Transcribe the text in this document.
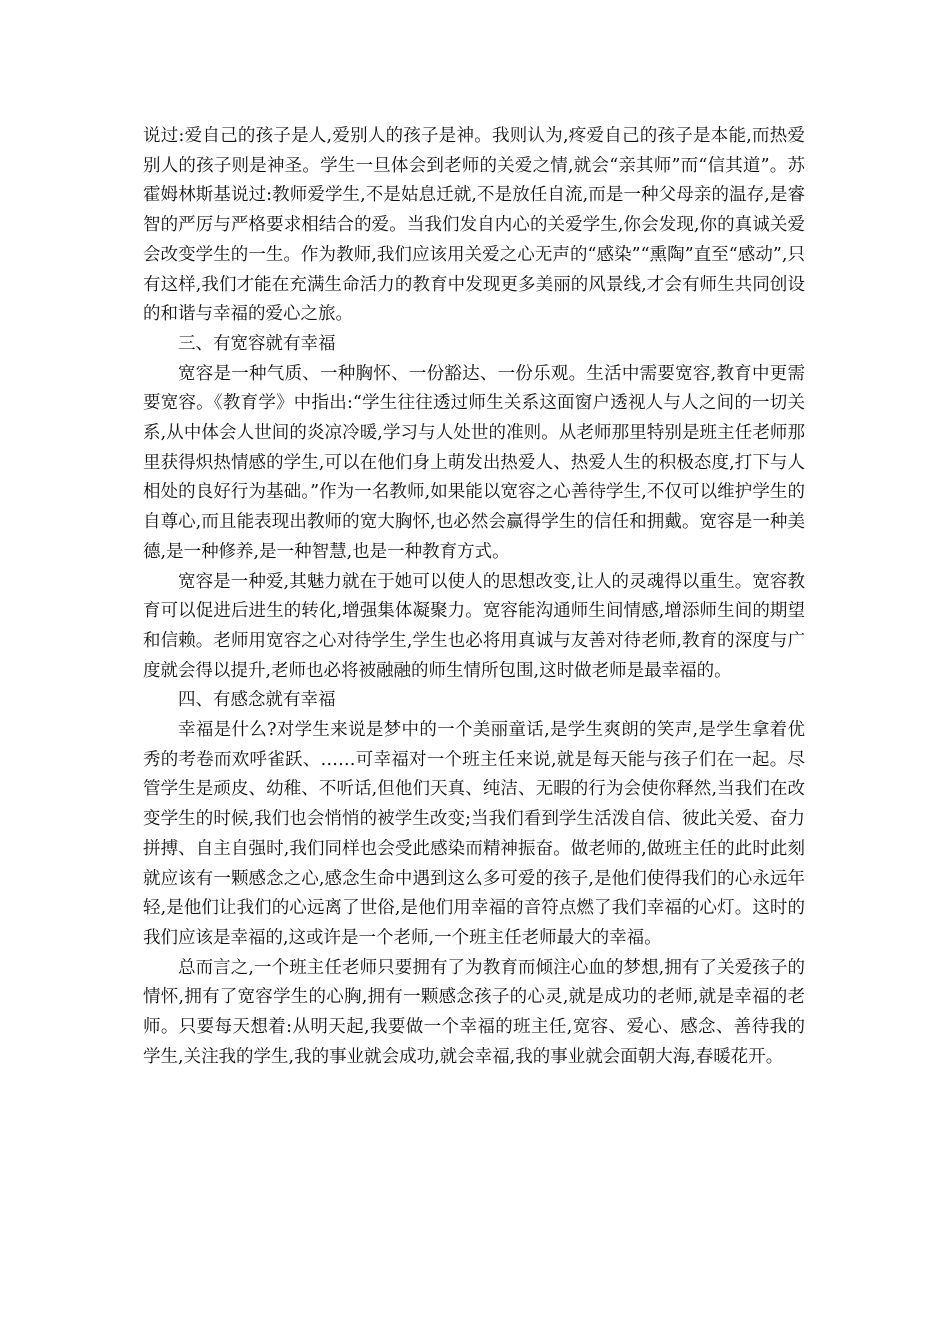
说过:爱自己的孩子是人,爱别人的孩子是神。我则认为,疼爱自己的孩子是本能,而热爱别人的孩子则是神圣。学生一旦体会到老师的关爱之情,就会“亲其师”而“信其道”。苏霍姆林斯基说过:教师爱学生,不是姑息迁就,不是放任自流,而是一种父母亲的温存,是睿智的严厉与严格要求相结合的爱。当我们发自内心的关爱学生,你会发现,你的真诚关爱会改变学生的一生。作为教师,我们应该用关爱之心无声的“感染”“熏陶”直至“感动”,只有这样,我们才能在充满生命活力的教育中发现更多美丽的风景线,才会有师生共同创设的和谐与幸福的爱心之旅。

三、有宽容就有幸福

宽容是一种气质、一种胸怀、一份豁达、一份乐观。生活中需要宽容,教育中更需要宽容。《教育学》中指出:“学生往往透过师生关系这面窗户透视人与人之间的一切关系,从中体会人世间的炎凉冷暖,学习与人处世的准则。从老师那里特别是班主任老师那里获得炽热情感的学生,可以在他们身上萌发出热爱人、热爱人生的积极态度,打下与人相处的良好行为基础。”作为一名教师,如果能以宽容之心善待学生,不仅可以维护学生的自尊心,而且能表现出教师的宽大胸怀,也必然会赢得学生的信任和拥戴。宽容是一种美德,是一种修养,是一种智慧,也是一种教育方式。

宽容是一种爱,其魅力就在于她可以使人的思想改变,让人的灵魂得以重生。宽容教育可以促进后进生的转化,增强集体凝聚力。宽容能沟通师生间情感,增添师生间的期望和信赖。老师用宽容之心对待学生,学生也必将用真诚与友善对待老师,教育的深度与广度就会得以提升,老师也必将被融融的师生情所包围,这时做老师是最幸福的。

四、有感念就有幸福

幸福是什么?对学生来说是梦中的一个美丽童话,是学生爽朗的笑声,是学生拿着优秀的考卷而欢呼雀跃、……可幸福对一个班主任来说,就是每天能与孩子们在一起。尽管学生是顽皮、幼稚、不听话,但他们天真、纯洁、无暇的行为会使你释然,当我们在改变学生的时候,我们也会悄悄的被学生改变;当我们看到学生活泼自信、彼此关爱、奋力拼搏、自主自强时,我们同样也会受此感染而精神振奋。做老师的,做班主任的此时此刻就应该有一颗感念之心,感念生命中遇到这么多可爱的孩子,是他们使得我们的心永远年轻,是他们让我们的心远离了世俗,是他们用幸福的音符点燃了我们幸福的心灯。这时的我们应该是幸福的,这或许是一个老师,一个班主任老师最大的幸福。

总而言之,一个班主任老师只要拥有了为教育而倾注心血的梦想,拥有了关爱孩子的情怀,拥有了宽容学生的心胸,拥有一颗感念孩子的心灵,就是成功的老师,就是幸福的老师。只要每天想着:从明天起,我要做一个幸福的班主任,宽容、爱心、感念、善待我的学生,关注我的学生,我的事业就会成功,就会幸福,我的事业就会面朝大海,春暖花开。
